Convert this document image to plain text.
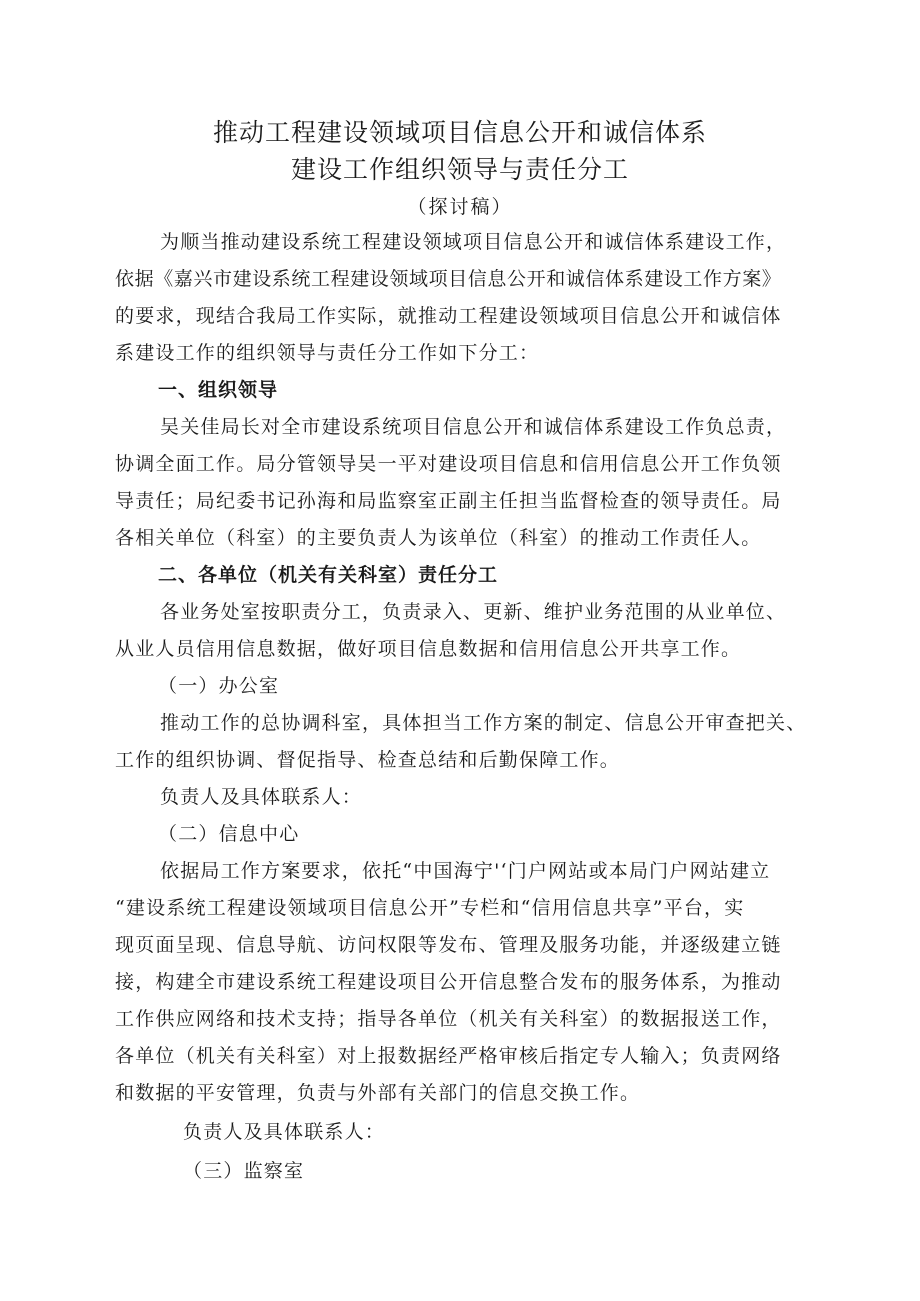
推动工程建设领域项目信息公开和诚信体系
建设工作组织领导与责任分工
（探讨稿）
为顺当推动建设系统工程建设领域项目信息公开和诚信体系建设工作，
依据《嘉兴市建设系统工程建设领域项目信息公开和诚信体系建设工作方案》
的要求，现结合我局工作实际，就推动工程建设领域项目信息公开和诚信体
系建设工作的组织领导与责任分工作如下分工：
一、组织领导
吴关佳局长对全市建设系统项目信息公开和诚信体系建设工作负总责，
协调全面工作。局分管领导吴一平对建设项目信息和信用信息公开工作负领
导责任；局纪委书记孙海和局监察室正副主任担当监督检查的领导责任。局
各相关单位（科室）的主要负责人为该单位（科室）的推动工作责任人。
二、各单位（机关有关科室）责任分工
各业务处室按职责分工，负责录入、更新、维护业务范围的从业单位、
从业人员信用信息数据，做好项目信息数据和信用信息公开共享工作。
（一）办公室
推动工作的总协调科室，具体担当工作方案的制定、信息公开审查把关、
工作的组织协调、督促指导、检查总结和后勤保障工作。
负责人及具体联系人：
（二）信息中心
依据局工作方案要求，依托“中国海宁'‘门户网站或本局门户网站建立
“建设系统工程建设领域项目信息公开”专栏和“信用信息共享”平台，实
现页面呈现、信息导航、访问权限等发布、管理及服务功能，并逐级建立链
接，构建全市建设系统工程建设项目公开信息整合发布的服务体系，为推动
工作供应网络和技术支持；指导各单位（机关有关科室）的数据报送工作，
各单位（机关有关科室）对上报数据经严格审核后指定专人输入；负责网络
和数据的平安管理，负责与外部有关部门的信息交换工作。
负责人及具体联系人：
（三）监察室
